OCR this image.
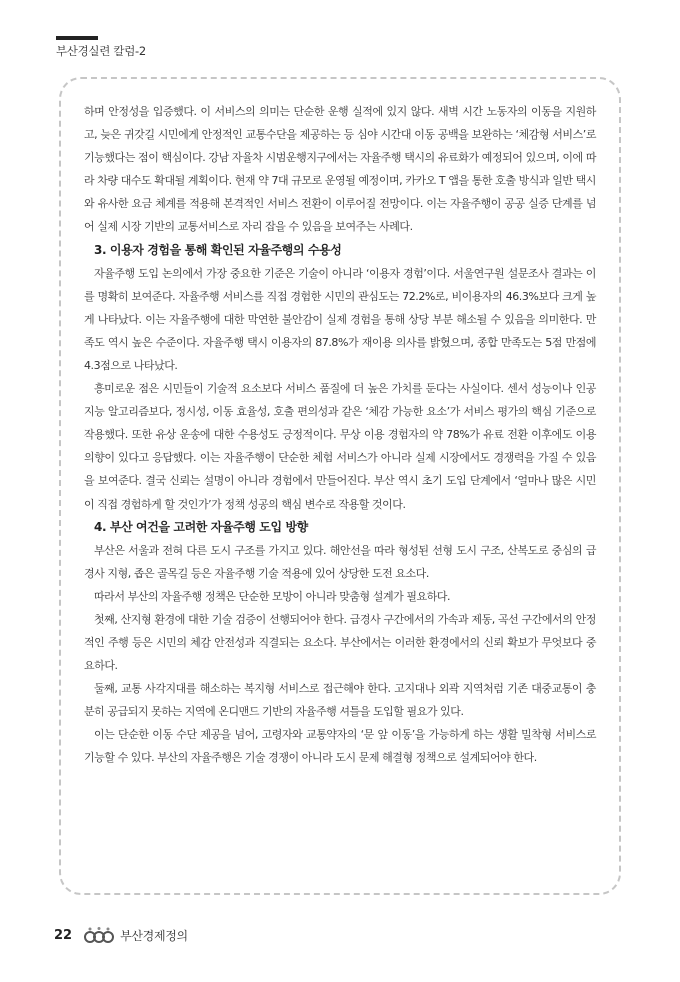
부산경실련 칼럼-2

하며 안정성을 입증했다. 이 서비스의 의미는 단순한 운행 실적에 있지 않다. 새벽 시간 노동자의 이동을 지원하고, 늦은 귀갓길 시민에게 안정적인 교통수단을 제공하는 등 심야 시간대 이동 공백을 보완하는 ‘체감형 서비스’로 기능했다는 점이 핵심이다. 강남 자율차 시범운행지구에서는 자율주행 택시의 유료화가 예정되어 있으며, 이에 따라 차량 대수도 확대될 계획이다. 현재 약 7대 규모로 운영될 예정이며, 카카오 T 앱을 통한 호출 방식과 일반 택시와 유사한 요금 체계를 적용해 본격적인 서비스 전환이 이루어질 전망이다. 이는 자율주행이 공공 실증 단계를 넘어 실제 시장 기반의 교통서비스로 자리 잡을 수 있음을 보여주는 사례다.

3. 이용자 경험을 통해 확인된 자율주행의 수용성

자율주행 도입 논의에서 가장 중요한 기준은 기술이 아니라 ‘이용자 경험’이다. 서울연구원 설문조사 결과는 이를 명확히 보여준다. 자율주행 서비스를 직접 경험한 시민의 관심도는 72.2%로, 비이용자의 46.3%보다 크게 높게 나타났다. 이는 자율주행에 대한 막연한 불안감이 실제 경험을 통해 상당 부분 해소될 수 있음을 의미한다. 만족도 역시 높은 수준이다. 자율주행 택시 이용자의 87.8%가 재이용 의사를 밝혔으며, 종합 만족도는 5점 만점에 4.3점으로 나타났다.

흥미로운 점은 시민들이 기술적 요소보다 서비스 품질에 더 높은 가치를 둔다는 사실이다. 센서 성능이나 인공지능 알고리즘보다, 정시성, 이동 효율성, 호출 편의성과 같은 ‘체감 가능한 요소’가 서비스 평가의 핵심 기준으로 작용했다. 또한 유상 운송에 대한 수용성도 긍정적이다. 무상 이용 경험자의 약 78%가 유료 전환 이후에도 이용 의향이 있다고 응답했다. 이는 자율주행이 단순한 체험 서비스가 아니라 실제 시장에서도 경쟁력을 가질 수 있음을 보여준다. 결국 신뢰는 설명이 아니라 경험에서 만들어진다. 부산 역시 초기 도입 단계에서 ‘얼마나 많은 시민이 직접 경험하게 할 것인가’가 정책 성공의 핵심 변수로 작용할 것이다.

4. 부산 여건을 고려한 자율주행 도입 방향

부산은 서울과 전혀 다른 도시 구조를 가지고 있다. 해안선을 따라 형성된 선형 도시 구조, 산복도로 중심의 급경사 지형, 좁은 골목길 등은 자율주행 기술 적용에 있어 상당한 도전 요소다.

따라서 부산의 자율주행 정책은 단순한 모방이 아니라 맞춤형 설계가 필요하다.

첫째, 산지형 환경에 대한 기술 검증이 선행되어야 한다. 급경사 구간에서의 가속과 제동, 곡선 구간에서의 안정적인 주행 등은 시민의 체감 안전성과 직결되는 요소다. 부산에서는 이러한 환경에서의 신뢰 확보가 무엇보다 중요하다.

둘째, 교통 사각지대를 해소하는 복지형 서비스로 접근해야 한다. 고지대나 외곽 지역처럼 기존 대중교통이 충분히 공급되지 못하는 지역에 온디맨드 기반의 자율주행 셔틀을 도입할 필요가 있다.

이는 단순한 이동 수단 제공을 넘어, 고령자와 교통약자의 ‘문 앞 이동’을 가능하게 하는 생활 밀착형 서비스로 기능할 수 있다. 부산의 자율주행은 기술 경쟁이 아니라 도시 문제 해결형 정책으로 설계되어야 한다.

22	부산경제정의
